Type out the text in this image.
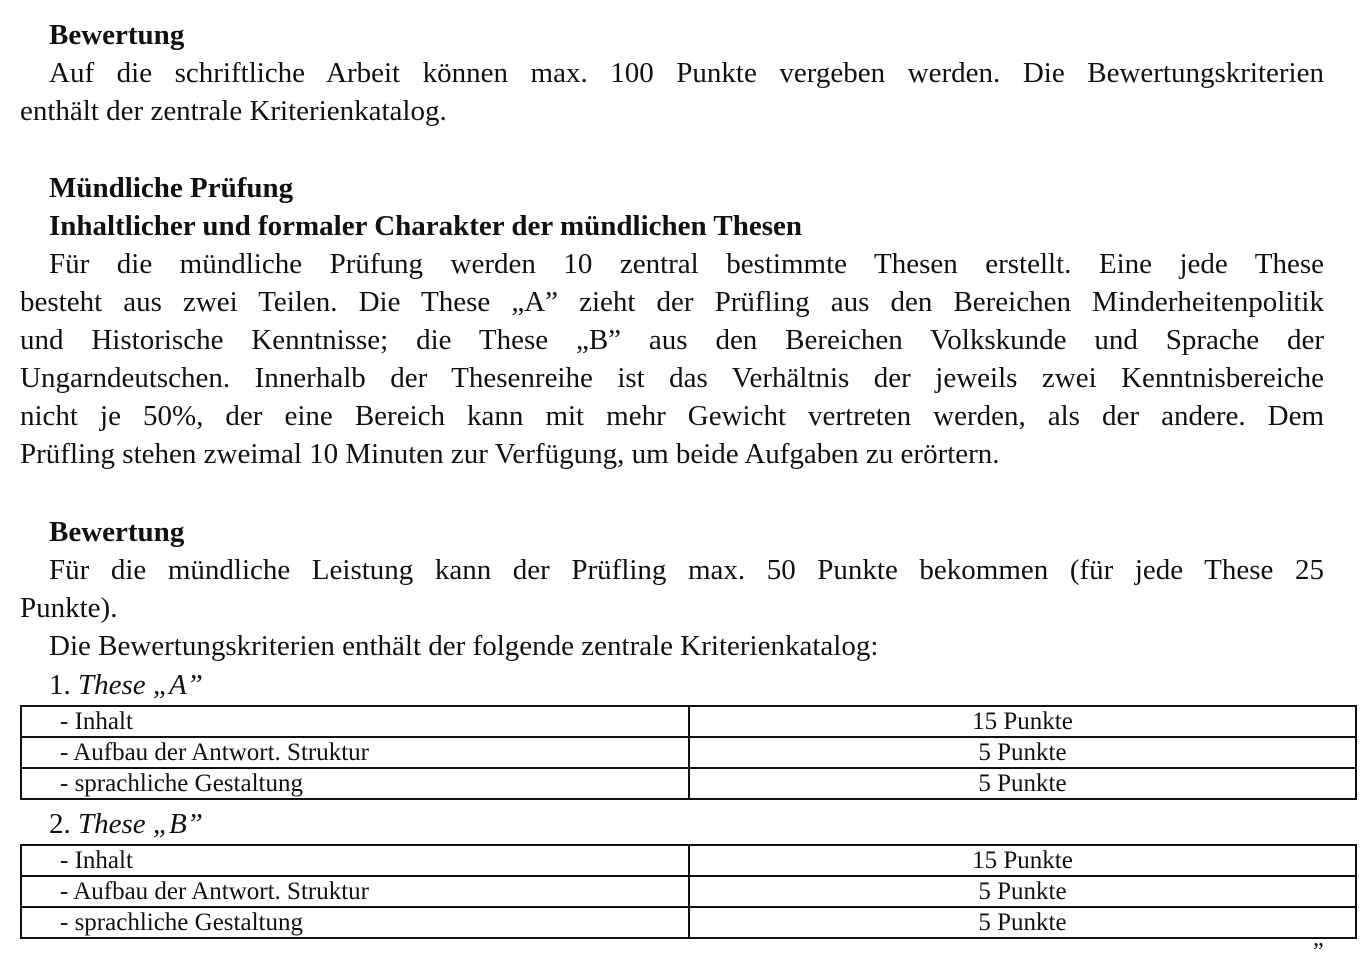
Bewertung
Auf die schriftliche Arbeit können max. 100 Punkte vergeben werden. Die Bewertungskriterien
enthält der zentrale Kriterienkatalog.
Mündliche Prüfung
Inhaltlicher und formaler Charakter der mündlichen Thesen
Für die mündliche Prüfung werden 10 zentral bestimmte Thesen erstellt. Eine jede These
besteht aus zwei Teilen. Die These „A” zieht der Prüfling aus den Bereichen Minderheitenpolitik
und Historische Kenntnisse; die These „B” aus den Bereichen Volkskunde und Sprache der
Ungarndeutschen. Innerhalb der Thesenreihe ist das Verhältnis der jeweils zwei Kenntnisbereiche
nicht je 50%, der eine Bereich kann mit mehr Gewicht vertreten werden, als der andere. Dem
Prüfling stehen zweimal 10 Minuten zur Verfügung, um beide Aufgaben zu erörtern.
Bewertung
Für die mündliche Leistung kann der Prüfling max. 50 Punkte bekommen (für jede These 25
Punkte).
Die Bewertungskriterien enthält der folgende zentrale Kriterienkatalog:
1. These „A”
- Inhalt	15 Punkte
- Aufbau der Antwort. Struktur	5 Punkte
- sprachliche Gestaltung	5 Punkte
2. These „B”
- Inhalt	15 Punkte
- Aufbau der Antwort. Struktur	5 Punkte
- sprachliche Gestaltung	5 Punkte
”
